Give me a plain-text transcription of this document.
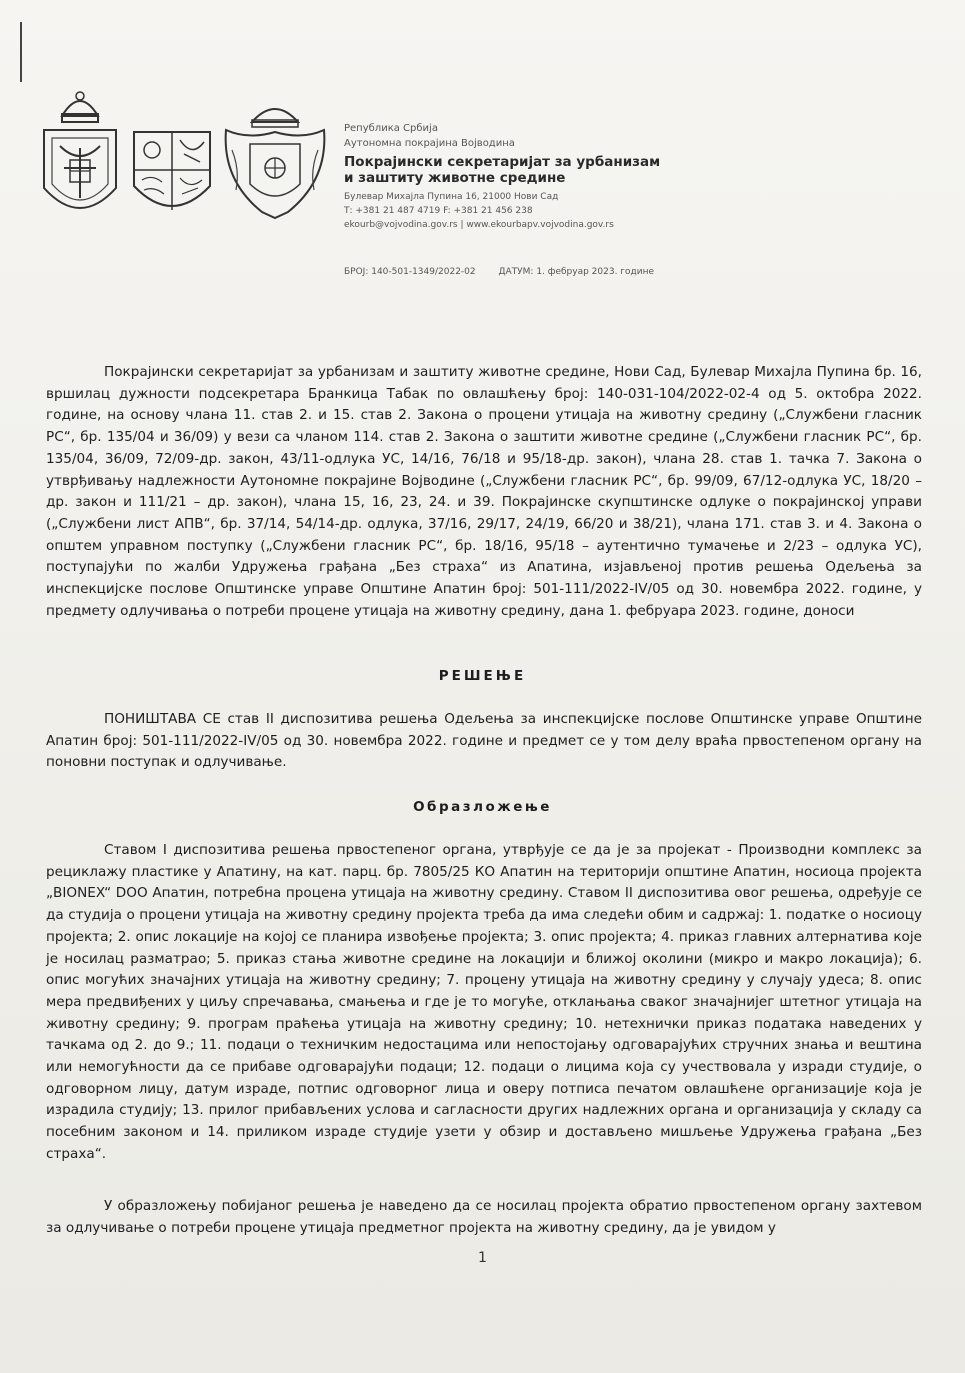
Република Србија
Аутономна покрајина Војводина
Покрајински секретаријат за урбанизам
и заштиту животне средине
Булевар Михајла Пупина 16, 21000 Нови Сад
Т: +381 21 487 4719 F: +381 21 456 238
ekourb@vojvodina.gov.rs | www.ekourbapv.vojvodina.gov.rs
БРОЈ: 140-501-1349/2022-02	ДАТУМ: 1. фебруар 2023. године
Покрајински секретаријат за урбанизам и заштиту животне средине, Нови Сад, Булевар Михајла Пупина бр. 16, вршилац дужности подсекретара Бранкица Табак по овлашћењу број: 140-031-104/2022-02-4 од 5. октобра 2022. године, на основу члана 11. став 2. и 15. став 2. Закона о процени утицаја на животну средину („Службени гласник РС“, бр. 135/04 и 36/09) у вези са чланом 114. став 2. Закона о заштити животне средине („Службени гласник РС“, бр. 135/04, 36/09, 72/09-др. закон, 43/11-одлука УС, 14/16, 76/18 и 95/18-др. закон), члана 28. став 1. тачка 7. Закона о утврђивању надлежности Аутономне покрајине Војводине („Службени гласник РС“, бр. 99/09, 67/12-одлука УС, 18/20 – др. закон и 111/21 – др. закон), члана 15, 16, 23, 24. и 39. Покрајинске скупштинске одлуке о покрајинској управи („Службени лист АПВ“, бр. 37/14, 54/14-др. одлука, 37/16, 29/17, 24/19, 66/20 и 38/21), члана 171. став 3. и 4. Закона о општем управном поступку („Службени гласник РС“, бр. 18/16, 95/18 – аутентично тумачење и 2/23 – одлука УС), поступајући по жалби Удружења грађана „Без страха“ из Апатина, изјављеној против решења Одељења за инспекцијске послове Општинске управе Општине Апатин број: 501-111/2022-IV/05 од 30. новембра 2022. године, у предмету одлучивања о потреби процене утицаја на животну средину, дана 1. фебруара 2023. године, доноси
РЕШЕЊЕ
ПОНИШТАВА СЕ став II диспозитива решења Одељења за инспекцијске послове Општинске управе Општине Апатин број: 501-111/2022-IV/05 од 30. новембра 2022. године и предмет се у том делу враћа првостепеном органу на поновни поступак и одлучивање.
Образложење
Ставом I диспозитива решења првостепеног органа, утврђује се да је за пројекат - Производни комплекс за рециклажу пластике у Апатину, на кат. парц. бр. 7805/25 КО Апатин на територији општине Апатин, носиоца пројекта „BIONEX“ DOO Апатин, потребна процена утицаја на животну средину. Ставом II диспозитива овог решења, одређује се да студија о процени утицаја на животну средину пројекта треба да има следећи обим и садржај: 1. податке о носиоцу пројекта; 2. опис локације на којој се планира извођење пројекта; 3. опис пројекта; 4. приказ главних алтернатива које је носилац разматрао; 5. приказ стања животне средине на локацији и ближој околини (микро и макро локација); 6. опис могућих значајних утицаја на животну средину; 7. процену утицаја на животну средину у случају удеса; 8. опис мера предвиђених у циљу спречавања, смањења и где је то могуће, отклањања сваког значајнијег штетног утицаја на животну средину; 9. програм праћења утицаја на животну средину; 10. нетехнички приказ података наведених у тачкама од 2. до 9.; 11. подаци о техничким недостацима или непостојању одговарајућих стручних знања и вештина или немогућности да се прибаве одговарајући подаци; 12. подаци о лицима која су учествовала у изради студије, о одговорном лицу, датум израде, потпис одговорног лица и оверу потписа печатом овлашћене организације која је израдила студију; 13. прилог прибављених услова и сагласности других надлежних органа и организација у складу са посебним законом и 14. приликом израде студије узети у обзир и достављено мишљење Удружења грађана „Без страха“.
У образложењу побијаног решења је наведено да се носилац пројекта обратио првостепеном органу захтевом за одлучивање о потреби процене утицаја предметног пројекта на животну средину, да је увидом у
1
